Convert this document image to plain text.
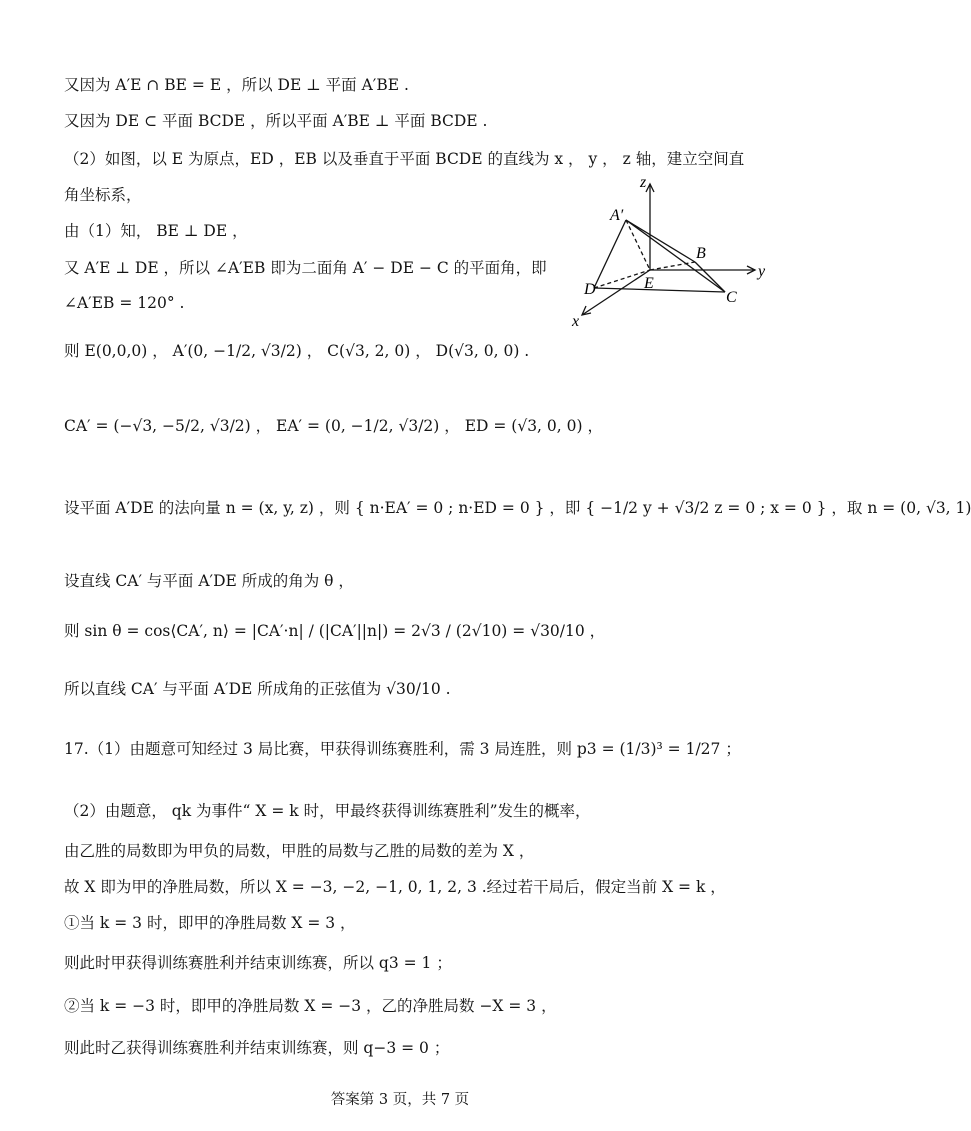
又因为 A′E ∩ BE = E ，所以 DE ⊥ 平面 A′BE .
又因为 DE ⊂ 平面 BCDE ，所以平面 A′BE ⊥ 平面 BCDE .
（2）如图，以 E 为原点，ED ，EB 以及垂直于平面 BCDE 的直线为 x ， y ， z 轴，建立空间直
角坐标系，
由（1）知， BE ⊥ DE ，
又 A′E ⊥ DE ，所以 ∠A′EB 即为二面角 A′ − DE − C 的平面角，即
∠A′EB = 120° .
z
y
x
A′
B
E
D	C
则 E(0,0,0) ， A′(0, −1/2, √3/2) ， C(√3, 2, 0) ， D(√3, 0, 0) .
CA′ = (−√3, −5/2, √3/2) ， EA′ = (0, −1/2, √3/2) ， ED = (√3, 0, 0) ，
设平面 A′DE 的法向量 n = (x, y, z) ，则 { n·EA′ = 0 ; n·ED = 0 } ，即 { −1/2 y + √3/2 z = 0 ; x = 0 } ，取 n = (0, √3, 1)
设直线 CA′ 与平面 A′DE 所成的角为 θ ，
则 sin θ = cos⟨CA′, n⟩ = |CA′·n| / (|CA′||n|) = 2√3 / (2√10) = √30/10 ，
所以直线 CA′ 与平面 A′DE 所成角的正弦值为 √30/10 .
17.（1）由题意可知经过 3 局比赛，甲获得训练赛胜利，需 3 局连胜，则 p3 = (1/3)³ = 1/27 ；
（2）由题意， qk 为事件“ X = k 时，甲最终获得训练赛胜利”发生的概率，
由乙胜的局数即为甲负的局数，甲胜的局数与乙胜的局数的差为 X ，
故 X 即为甲的净胜局数，所以 X = −3, −2, −1, 0, 1, 2, 3 .经过若干局后，假定当前 X = k ，
①当 k = 3 时，即甲的净胜局数 X = 3 ，
则此时甲获得训练赛胜利并结束训练赛，所以 q3 = 1 ；
②当 k = −3 时，即甲的净胜局数 X = −3 ，乙的净胜局数 −X = 3 ，
则此时乙获得训练赛胜利并结束训练赛，则 q−3 = 0 ；
答案第 3 页，共 7 页
